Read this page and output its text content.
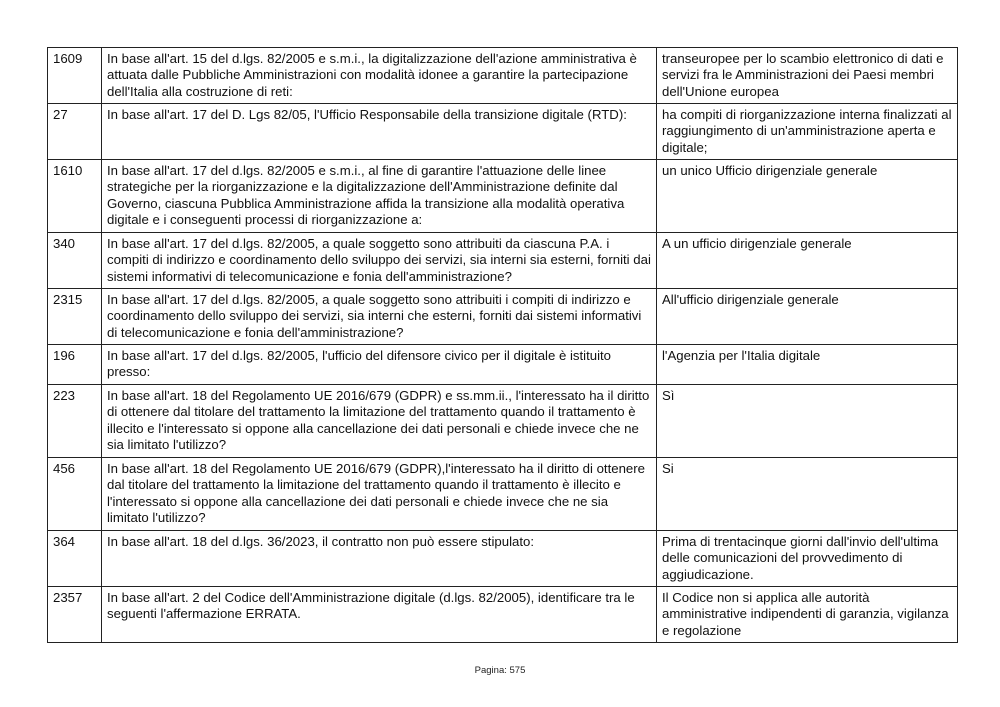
1609	In base all'art. 15 del d.lgs. 82/2005 e s.m.i., la digitalizzazione dell'azione amministrativa è attuata dalle Pubbliche Amministrazioni con modalità idonee a garantire la partecipazione dell'Italia alla costruzione di reti:	transeuropee per lo scambio elettronico di dati e servizi fra le Amministrazioni dei Paesi membri dell'Unione europea
27	In base all'art. 17 del D. Lgs 82/05, l'Ufficio Responsabile della transizione digitale (RTD):	ha compiti di riorganizzazione interna finalizzati al raggiungimento di un'amministrazione aperta e digitale;
1610	In base all'art. 17 del d.lgs. 82/2005 e s.m.i., al fine di garantire l'attuazione delle linee strategiche per la riorganizzazione e la digitalizzazione dell'Amministrazione definite dal Governo, ciascuna Pubblica Amministrazione affida la transizione alla modalità operativa digitale e i conseguenti processi di riorganizzazione a:	un unico Ufficio dirigenziale generale
340	In base all'art. 17 del d.lgs. 82/2005, a quale soggetto sono attribuiti da ciascuna P.A. i compiti di indirizzo e coordinamento dello sviluppo dei servizi, sia interni sia esterni, forniti dai sistemi informativi di telecomunicazione e fonia dell'amministrazione?	A un ufficio dirigenziale generale
2315	In base all'art. 17 del d.lgs. 82/2005, a quale soggetto sono attribuiti i compiti di indirizzo e coordinamento dello sviluppo dei servizi, sia interni che esterni, forniti dai sistemi informativi di telecomunicazione e fonia dell'amministrazione?	All'ufficio dirigenziale generale
196	In base all'art. 17 del d.lgs. 82/2005, l'ufficio del difensore civico per il digitale è istituito presso:	l'Agenzia per l'Italia digitale
223	In base all'art. 18 del Regolamento UE 2016/679 (GDPR) e ss.mm.ii., l'interessato ha il diritto di ottenere dal titolare del trattamento la limitazione del trattamento quando il trattamento è illecito e l'interessato si oppone alla cancellazione dei dati personali e chiede invece che ne sia limitato l'utilizzo?	Sì
456	In base all'art. 18 del Regolamento UE 2016/679 (GDPR),l'interessato ha il diritto di ottenere dal titolare del trattamento la limitazione del trattamento quando il trattamento è illecito e l'interessato si oppone alla cancellazione dei dati personali e chiede invece che ne sia limitato l'utilizzo?	Si
364	In base all'art. 18 del d.lgs. 36/2023, il contratto non può essere stipulato:	Prima di trentacinque giorni dall'invio dell'ultima delle comunicazioni del provvedimento di aggiudicazione.
2357	In base all'art. 2 del Codice dell'Amministrazione digitale (d.lgs. 82/2005), identificare tra le seguenti l'affermazione ERRATA.	Il Codice non si applica alle autorità amministrative indipendenti di garanzia, vigilanza e regolazione
Pagina: 575
